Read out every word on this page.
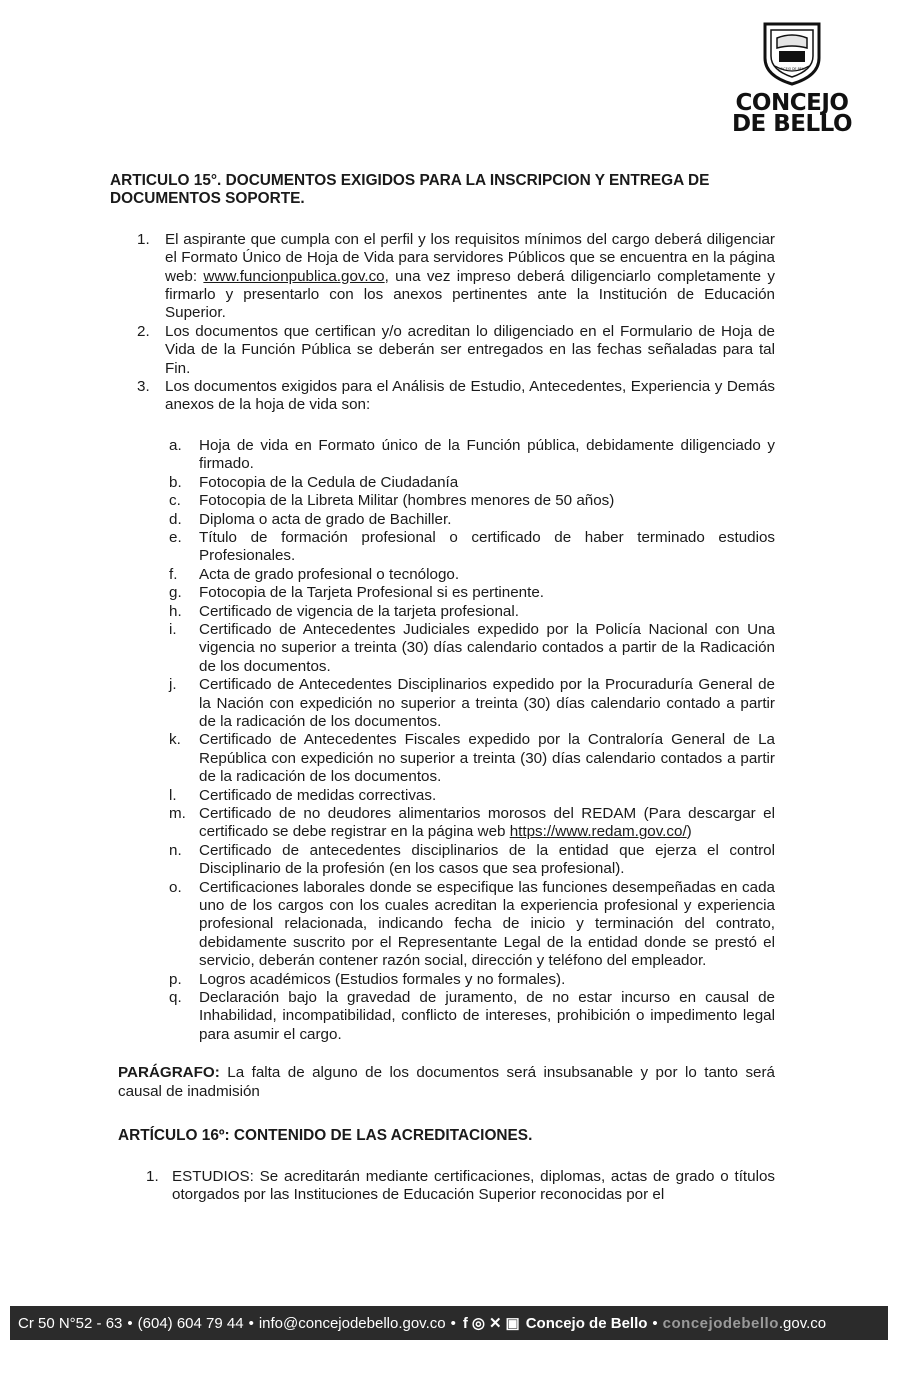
CONCEJO DE BELLO
CONCEJO
DE BELLO

ARTICULO 15°. DOCUMENTOS EXIGIDOS PARA LA INSCRIPCION Y ENTREGA DE DOCUMENTOS SOPORTE.

1. El aspirante que cumpla con el perfil y los requisitos mínimos del cargo deberá diligenciar el Formato Único de Hoja de Vida para servidores Públicos que se encuentra en la página web: www.funcionpublica.gov.co, una vez impreso deberá diligenciarlo completamente y firmarlo y presentarlo con los anexos pertinentes ante la Institución de Educación Superior.
2. Los documentos que certifican y/o acreditan lo diligenciado en el Formulario de Hoja de Vida de la Función Pública se deberán ser entregados en las fechas señaladas para tal Fin.
3. Los documentos exigidos para el Análisis de Estudio, Antecedentes, Experiencia y Demás anexos de la hoja de vida son:
a. Hoja de vida en Formato único de la Función pública, debidamente diligenciado y firmado.
b. Fotocopia de la Cedula de Ciudadanía
c. Fotocopia de la Libreta Militar (hombres menores de 50 años)
d. Diploma o acta de grado de Bachiller.
e. Título de formación profesional o certificado de haber terminado estudios Profesionales.
f. Acta de grado profesional o tecnólogo.
g. Fotocopia de la Tarjeta Profesional si es pertinente.
h. Certificado de vigencia de la tarjeta profesional.
i. Certificado de Antecedentes Judiciales expedido por la Policía Nacional con Una vigencia no superior a treinta (30) días calendario contados a partir de la Radicación de los documentos.
j. Certificado de Antecedentes Disciplinarios expedido por la Procuraduría General de la Nación con expedición no superior a treinta (30) días calendario contado a partir de la radicación de los documentos.
k. Certificado de Antecedentes Fiscales expedido por la Contraloría General de La República con expedición no superior a treinta (30) días calendario contados a partir de la radicación de los documentos.
l. Certificado de medidas correctivas.
m. Certificado de no deudores alimentarios morosos del REDAM (Para descargar el certificado se debe registrar en la página web https://www.redam.gov.co/)
n. Certificado de antecedentes disciplinarios de la entidad que ejerza el control Disciplinario de la profesión (en los casos que sea profesional).
o. Certificaciones laborales donde se especifique las funciones desempeñadas en cada uno de los cargos con los cuales acreditan la experiencia profesional y experiencia profesional relacionada, indicando fecha de inicio y terminación del contrato, debidamente suscrito por el Representante Legal de la entidad donde se prestó el servicio, deberán contener razón social, dirección y teléfono del empleador.
p. Logros académicos (Estudios formales y no formales).
q. Declaración bajo la gravedad de juramento, de no estar incurso en causal de Inhabilidad, incompatibilidad, conflicto de intereses, prohibición o impedimento legal para asumir el cargo.

PARÁGRAFO: La falta de alguno de los documentos será insubsanable y por lo tanto será causal de inadmisión

ARTÍCULO 16º: CONTENIDO DE LAS ACREDITACIONES.

1. ESTUDIOS: Se acreditarán mediante certificaciones, diplomas, actas de grado o títulos otorgados por las Instituciones de Educación Superior reconocidas por el
Cr 50 N°52 - 63 • (604) 604 79 44 • info@concejodebello.gov.co • f ◎ ✕ ▣ Concejo de Bello • concejodebello.gov.co
